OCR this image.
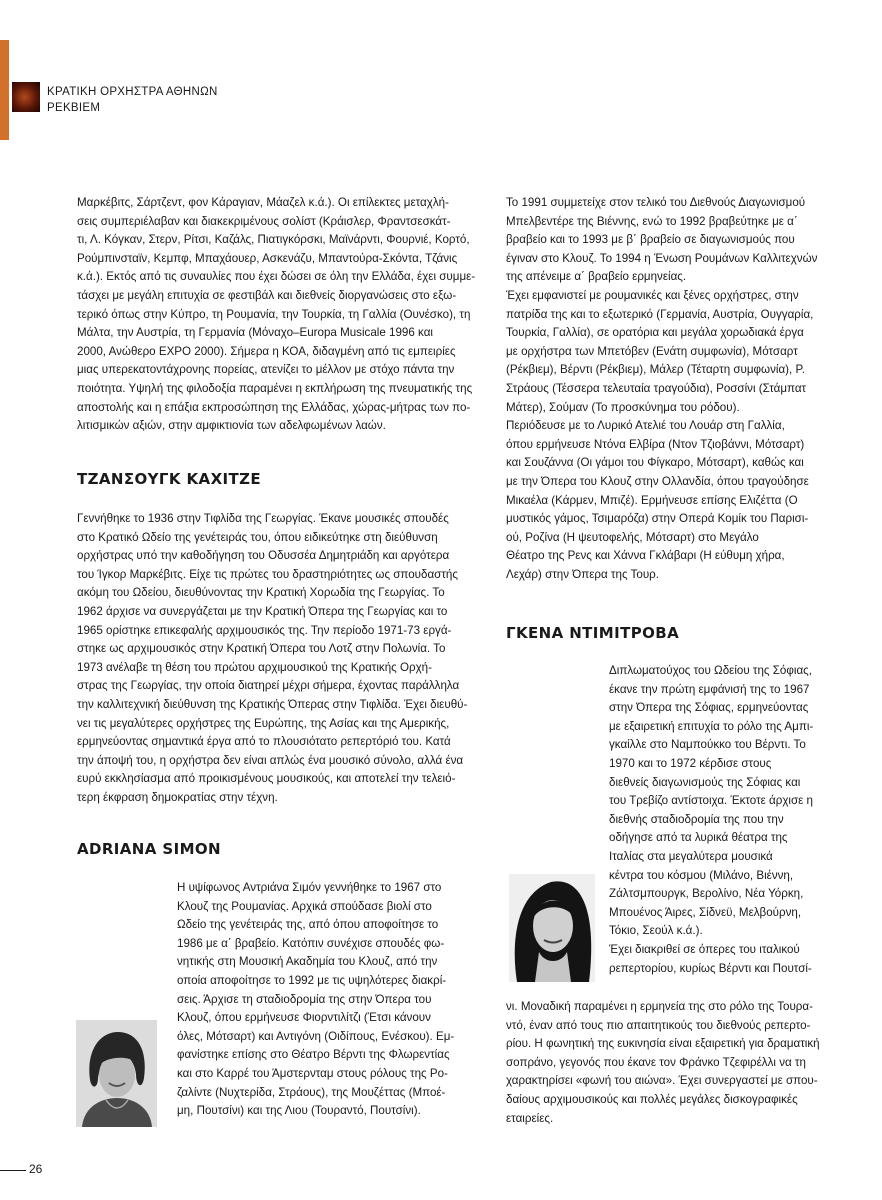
ΚΡΑΤΙΚΗ ΟΡΧΗΣΤΡΑ ΑΘΗΝΩΝ
ΡΕΚΒΙΕΜ
Μαρκέβιτς, Σάρτζεντ, φον Κάραγιαν, Μάαζελ κ.ά.). Οι επίλεκτες μεταχλή-
σεις συμπεριέλαβαν και διακεκριμένους σολίστ (Κράισλερ, Φραντσεσκάτ-
τι, Λ. Κόγκαν, Στερν, Ρίτσι, Καζάλς, Πιατιγκόρσκι, Μαϊνάρντι, Φουρνιέ, Κορτό,
Ρούμπινσταϊν, Κεμπφ, Μπαχάουερ, Ασκενάζυ, Μπαντούρα-Σκόντα, Τζάνις
κ.ά.). Εκτός από τις συναυλίες που έχει δώσει σε όλη την Ελλάδα, έχει συμμε-
τάσχει με μεγάλη επιτυχία σε φεστιβάλ και διεθνείς διοργανώσεις στο εξω-
τερικό όπως στην Κύπρο, τη Ρουμανία, την Τουρκία, τη Γαλλία (Ουνέσκο), τη
Μάλτα, την Αυστρία, τη Γερμανία (Μόναχο–Europa Musicale 1996 και
2000, Ανώθερο EXPO 2000). Σήμερα η ΚΟΑ, διδαγμένη από τις εμπειρίες
μιας υπερεκατοντάχρονης πορείας, ατενίζει το μέλλον με στόχο πάντα την
ποιότητα. Υψηλή της φιλοδοξία παραμένει η εκπλήρωση της πνευματικής της
αποστολής και η επάξια εκπροσώπηση της Ελλάδας, χώρας-μήτρας των πο-
λιτισμικών αξιών, στην αμφικτιονία των αδελφωμένων λαών.
ΤΖΑΝΣΟΥΓΚ ΚΑΧΙΤΖΕ
Γεννήθηκε το 1936 στην Τιφλίδα της Γεωργίας. Έκανε μουσικές σπουδές
στο Κρατικό Ωδείο της γενέτειράς του, όπου ειδικεύτηκε στη διεύθυνση
ορχήστρας υπό την καθοδήγηση του Οδυσσέα Δημητριάδη και αργότερα
του Ίγκορ Μαρκέβιτς. Είχε τις πρώτες του δραστηριότητες ως σπουδαστής
ακόμη του Ωδείου, διευθύνοντας την Κρατική Χορωδία της Γεωργίας. Το
1962 άρχισε να συνεργάζεται με την Κρατική Όπερα της Γεωργίας και το
1965 ορίστηκε επικεφαλής αρχιμουσικός της. Την περίοδο 1971-73 εργά-
στηκε ως αρχιμουσικός στην Κρατική Όπερα του Λοτζ στην Πολωνία. Το
1973 ανέλαβε τη θέση του πρώτου αρχιμουσικού της Κρατικής Ορχή-
στρας της Γεωργίας, την οποία διατηρεί μέχρι σήμερα, έχοντας παράλληλα
την καλλιτεχνική διεύθυνση της Κρατικής Όπερας στην Τιφλίδα. Έχει διευθύ-
νει τις μεγαλύτερες ορχήστρες της Ευρώπης, της Ασίας και της Αμερικής,
ερμηνεύοντας σημαντικά έργα από το πλουσιότατο ρεπερτόριό του. Κατά
την άποψή του, η ορχήστρα δεν είναι απλώς ένα μουσικό σύνολο, αλλά ένα
ευρύ εκκλησίασμα από προικισμένους μουσικούς, και αποτελεί την τελειό-
τερη έκφραση δημοκρατίας στην τέχνη.
ADRIANA SIMON
Η υψίφωνος Αντριάνα Σιμόν γεννήθηκε το 1967 στο
Κλουζ της Ρουμανίας. Αρχικά σπούδασε βιολί στο
Ωδείο της γενέτειράς της, από όπου αποφοίτησε το
1986 με α΄ βραβείο. Κατόπιν συνέχισε σπουδές φω-
νητικής στη Μουσική Ακαδημία του Κλουζ, από την
οποία αποφοίτησε το 1992 με τις υψηλότερες διακρί-
σεις. Άρχισε τη σταδιοδρομία της στην Όπερα του
Κλουζ, όπου ερμήνευσε Φιορντιλίτζι (Έτσι κάνουν
όλες, Μότσαρτ) και Αντιγόνη (Οιδίπους, Ενέσκου). Εμ-
φανίστηκε επίσης στο Θέατρο Βέρντι της Φλωρεντίας
και στο Καρρέ του Άμστερνταμ στους ρόλους της Ρο-
ζαλίντε (Νυχτερίδα, Στράους), της Μουζέττας (Μποέ-
μη, Πουτσίνι) και της Λιου (Τουραντό, Πουτσίνι).
Το 1991 συμμετείχε στον τελικό του Διεθνούς Διαγωνισμού
Μπελβεντέρε της Βιέννης, ενώ το 1992 βραβεύτηκε με α΄
βραβείο και το 1993 με β΄ βραβείο σε διαγωνισμούς που
έγιναν στο Κλουζ. Το 1994 η Ένωση Ρουμάνων Καλλιτεχνών
της απένειμε α΄ βραβείο ερμηνείας.
Έχει εμφανιστεί με ρουμανικές και ξένες ορχήστρες, στην
πατρίδα της και το εξωτερικό (Γερμανία, Αυστρία, Ουγγαρία,
Τουρκία, Γαλλία), σε ορατόρια και μεγάλα χορωδιακά έργα
με ορχήστρα των Μπετόβεν (Ενάτη συμφωνία), Μότσαρτ
(Ρέκβιεμ), Βέρντι (Ρέκβιεμ), Μάλερ (Τέταρτη συμφωνία), Ρ.
Στράους (Τέσσερα τελευταία τραγούδια), Ροσσίνι (Στάμπατ
Μάτερ), Σούμαν (Το προσκύνημα του ρόδου).
Περιόδευσε με το Λυρικό Ατελιέ του Λουάρ στη Γαλλία,
όπου ερμήνευσε Ντόνα Ελβίρα (Ντον Τζιοβάννι, Μότσαρτ)
και Σουζάννα (Οι γάμοι του Φίγκαρο, Μότσαρτ), καθώς και
με την Όπερα του Κλουζ στην Ολλανδία, όπου τραγούδησε
Μικαέλα (Κάρμεν, Μπιζέ). Ερμήνευσε επίσης Ελιζέττα (Ο
μυστικός γάμος, Τσιμαρόζα) στην Οπερά Κομίκ του Παρισι-
ού, Ροζίνα (Η ψευτοφελής, Μότσαρτ) στο Μεγάλο
Θέατρο της Ρενς και Χάννα Γκλάβαρι (Η εύθυμη χήρα,
Λεχάρ) στην Όπερα της Τουρ.
ΓΚΕΝΑ ΝΤΙΜΙΤΡΟΒΑ
Διπλωματούχος του Ωδείου της Σόφιας,
έκανε την πρώτη εμφάνισή της το 1967
στην Όπερα της Σόφιας, ερμηνεύοντας
με εξαιρετική επιτυχία το ρόλο της Αμπι-
γκαίλλε στο Ναμπούκκο του Βέρντι. Το
1970 και το 1972 κέρδισε στους
διεθνείς διαγωνισμούς της Σόφιας και
του Τρεβίζο αντίστοιχα. Έκτοτε άρχισε η
διεθνής σταδιοδρομία της που την
οδήγησε από τα λυρικά θέατρα της
Ιταλίας στα μεγαλύτερα μουσικά
κέντρα του κόσμου (Μιλάνο, Βιέννη,
Ζάλτσμπουργκ, Βερολίνο, Νέα Υόρκη,
Μπουένος Άιρες, Σίδνεϋ, Μελβούρνη,
Τόκιο, Σεούλ κ.ά.).
Έχει διακριθεί σε όπερες του ιταλικού
ρεπερτορίου, κυρίως Βέρντι και Πουτσί-
νι. Μοναδική παραμένει η ερμηνεία της στο ρόλο της Τουρα-
ντό, έναν από τους πιο απαιτητικούς του διεθνούς ρεπερτο-
ρίου. Η φωνητική της ευκινησία είναι εξαιρετική για δραματική
σοπράνο, γεγονός που έκανε τον Φράνκο Τζεφιρέλλι να τη
χαρακτηρίσει «φωνή του αιώνα». Έχει συνεργαστεί με σπου-
δαίους αρχιμουσικούς και πολλές μεγάλες δισκογραφικές
εταιρείες.
26
